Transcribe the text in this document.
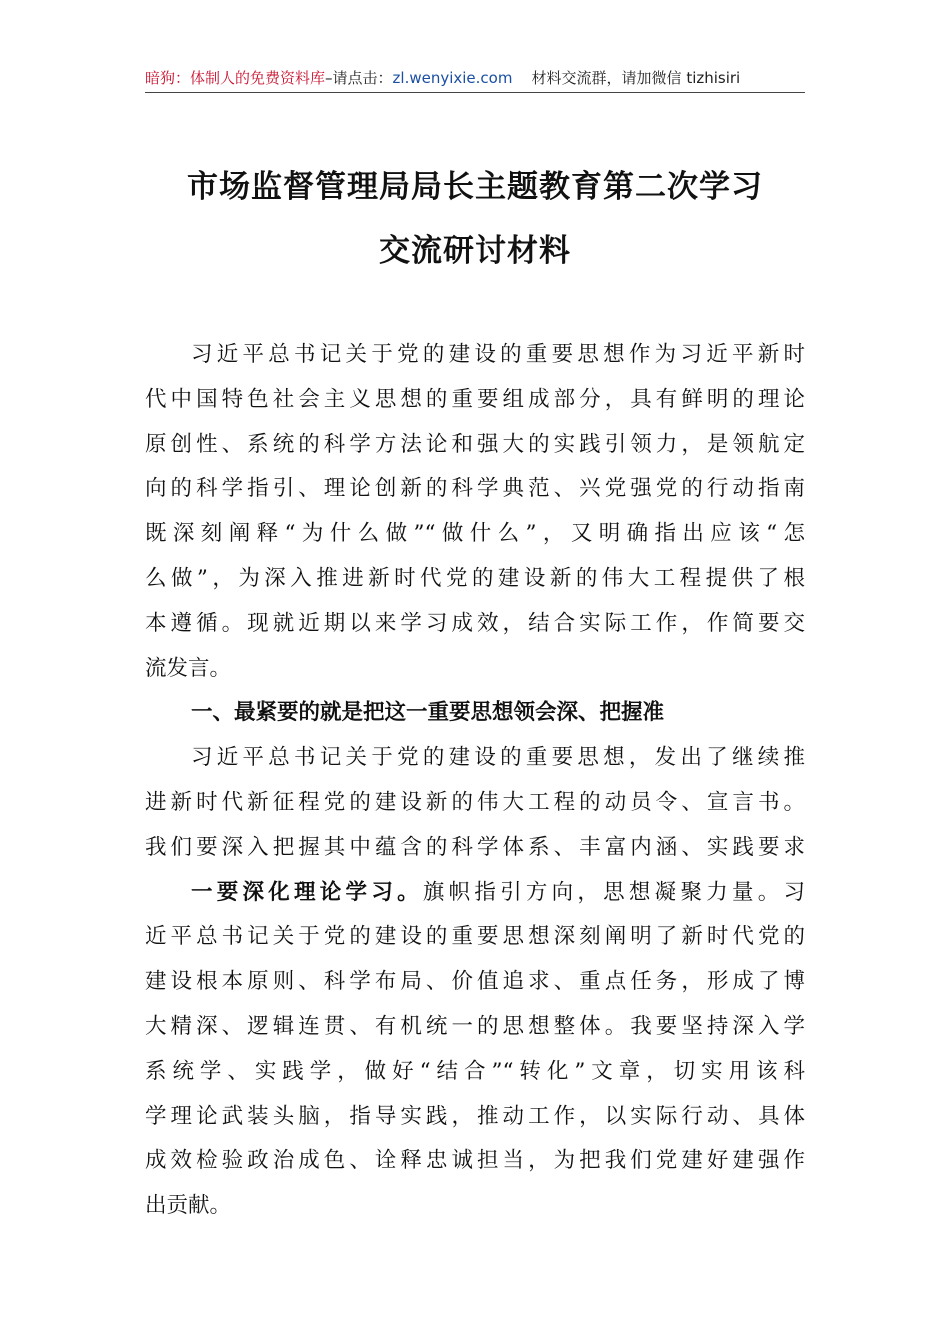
暗狗：体制人的免费资料库–请点击：zl.wenyixie.com 材料交流群，请加微信 tizhisiri
市场监督管理局局长主题教育第二次学习
交流研讨材料
习近平总书记关于党的建设的重要思想作为习近平新时
代中国特色社会主义思想的重要组成部分，具有鲜明的理论
原创性、系统的科学方法论和强大的实践引领力，是领航定
向的科学指引、理论创新的科学典范、兴党强党的行动指南
既深刻阐释“为什么做”“做什么”，又明确指出应该“怎
么做”，为深入推进新时代党的建设新的伟大工程提供了根
本遵循。现就近期以来学习成效，结合实际工作，作简要交
流发言。
一、最紧要的就是把这一重要思想领会深、把握准
习近平总书记关于党的建设的重要思想，发出了继续推
进新时代新征程党的建设新的伟大工程的动员令、宣言书。
我们要深入把握其中蕴含的科学体系、丰富内涵、实践要求
一要深化理论学习。旗帜指引方向，思想凝聚力量。习
近平总书记关于党的建设的重要思想深刻阐明了新时代党的
建设根本原则、科学布局、价值追求、重点任务，形成了博
大精深、逻辑连贯、有机统一的思想整体。我要坚持深入学
系统学、实践学，做好“结合”“转化”文章，切实用该科
学理论武装头脑，指导实践，推动工作，以实际行动、具体
成效检验政治成色、诠释忠诚担当，为把我们党建好建强作
出贡献。
